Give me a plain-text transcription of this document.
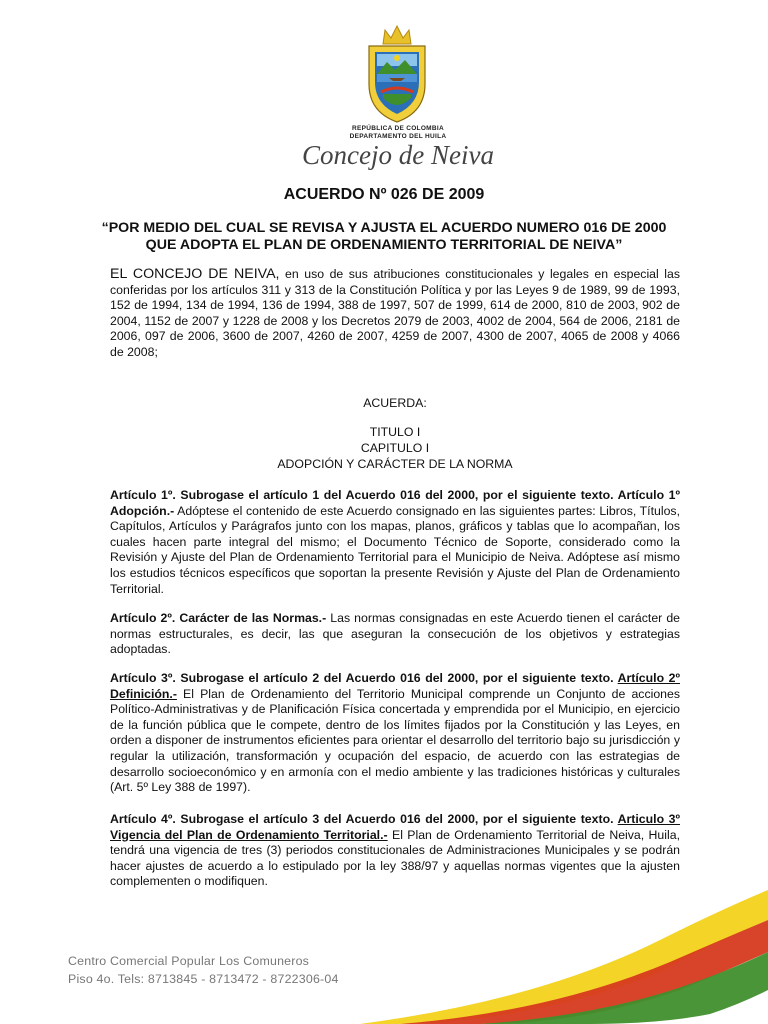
REPÚBLICA DE COLOMBIA
DEPARTAMENTO DEL HUILA
Concejo de Neiva
ACUERDO Nº 026 DE 2009
“POR MEDIO DEL CUAL SE REVISA Y AJUSTA EL ACUERDO NUMERO 016 DE 2000 QUE ADOPTA EL PLAN DE ORDENAMIENTO TERRITORIAL DE NEIVA”
EL CONCEJO DE NEIVA, en uso de sus atribuciones constitucionales y legales en especial las conferidas por los artículos 311 y 313 de la Constitución Política y por las Leyes 9 de 1989, 99 de 1993, 152 de 1994, 134 de 1994, 136 de 1994, 388 de 1997, 507 de 1999, 614 de 2000, 810 de 2003, 902 de 2004, 1152 de 2007 y 1228 de 2008 y los Decretos 2079 de 2003, 4002 de 2004, 564 de 2006, 2181 de 2006, 097 de 2006, 3600 de 2007, 4260 de 2007, 4259 de 2007, 4300 de 2007, 4065 de 2008 y 4066 de 2008;
ACUERDA:
TITULO I
CAPITULO I
ADOPCIÓN Y CARÁCTER DE LA NORMA
Artículo 1º. Subrogase el artículo 1 del Acuerdo 016 del 2000, por el siguiente texto. Artículo 1º Adopción.- Adóptese el contenido de este Acuerdo consignado en las siguientes partes: Libros, Títulos, Capítulos, Artículos y Parágrafos junto con los mapas, planos, gráficos y tablas que lo acompañan, los cuales hacen parte integral del mismo; el Documento Técnico de Soporte, considerado como la Revisión y Ajuste del Plan de Ordenamiento Territorial para el Municipio de Neiva. Adóptese así mismo los estudios técnicos específicos que soportan la presente Revisión y Ajuste del Plan de Ordenamiento Territorial.
Artículo 2º. Carácter de las Normas.- Las normas consignadas en este Acuerdo tienen el carácter de normas estructurales, es decir, las que aseguran la consecución de los objetivos y estrategias adoptadas.
Artículo 3º. Subrogase el artículo 2 del Acuerdo 016 del 2000, por el siguiente texto. Artículo 2º Definición.- El Plan de Ordenamiento del Territorio Municipal comprende un Conjunto de acciones Político-Administrativas y de Planificación Física concertada y emprendida por el Municipio, en ejercicio de la función pública que le compete, dentro de los límites fijados por la Constitución y las Leyes, en orden a disponer de instrumentos eficientes para orientar el desarrollo del territorio bajo su jurisdicción y regular la utilización, transformación y ocupación del espacio, de acuerdo con las estrategias de desarrollo socioeconómico y en armonía con el medio ambiente y las tradiciones históricas y culturales (Art. 5º Ley 388 de 1997).
Artículo 4º. Subrogase el artículo 3 del Acuerdo 016 del 2000, por el siguiente texto. Articulo 3º Vigencia del Plan de Ordenamiento Territorial.- El Plan de Ordenamiento Territorial de Neiva, Huila, tendrá una vigencia de tres (3) periodos constitucionales de Administraciones Municipales y se podrán hacer ajustes de acuerdo a lo estipulado por la ley 388/97 y aquellas normas vigentes que la ajusten complementen o modifiquen.
Centro Comercial Popular Los Comuneros
Piso 4o. Tels: 8713845 - 8713472 - 8722306-04
